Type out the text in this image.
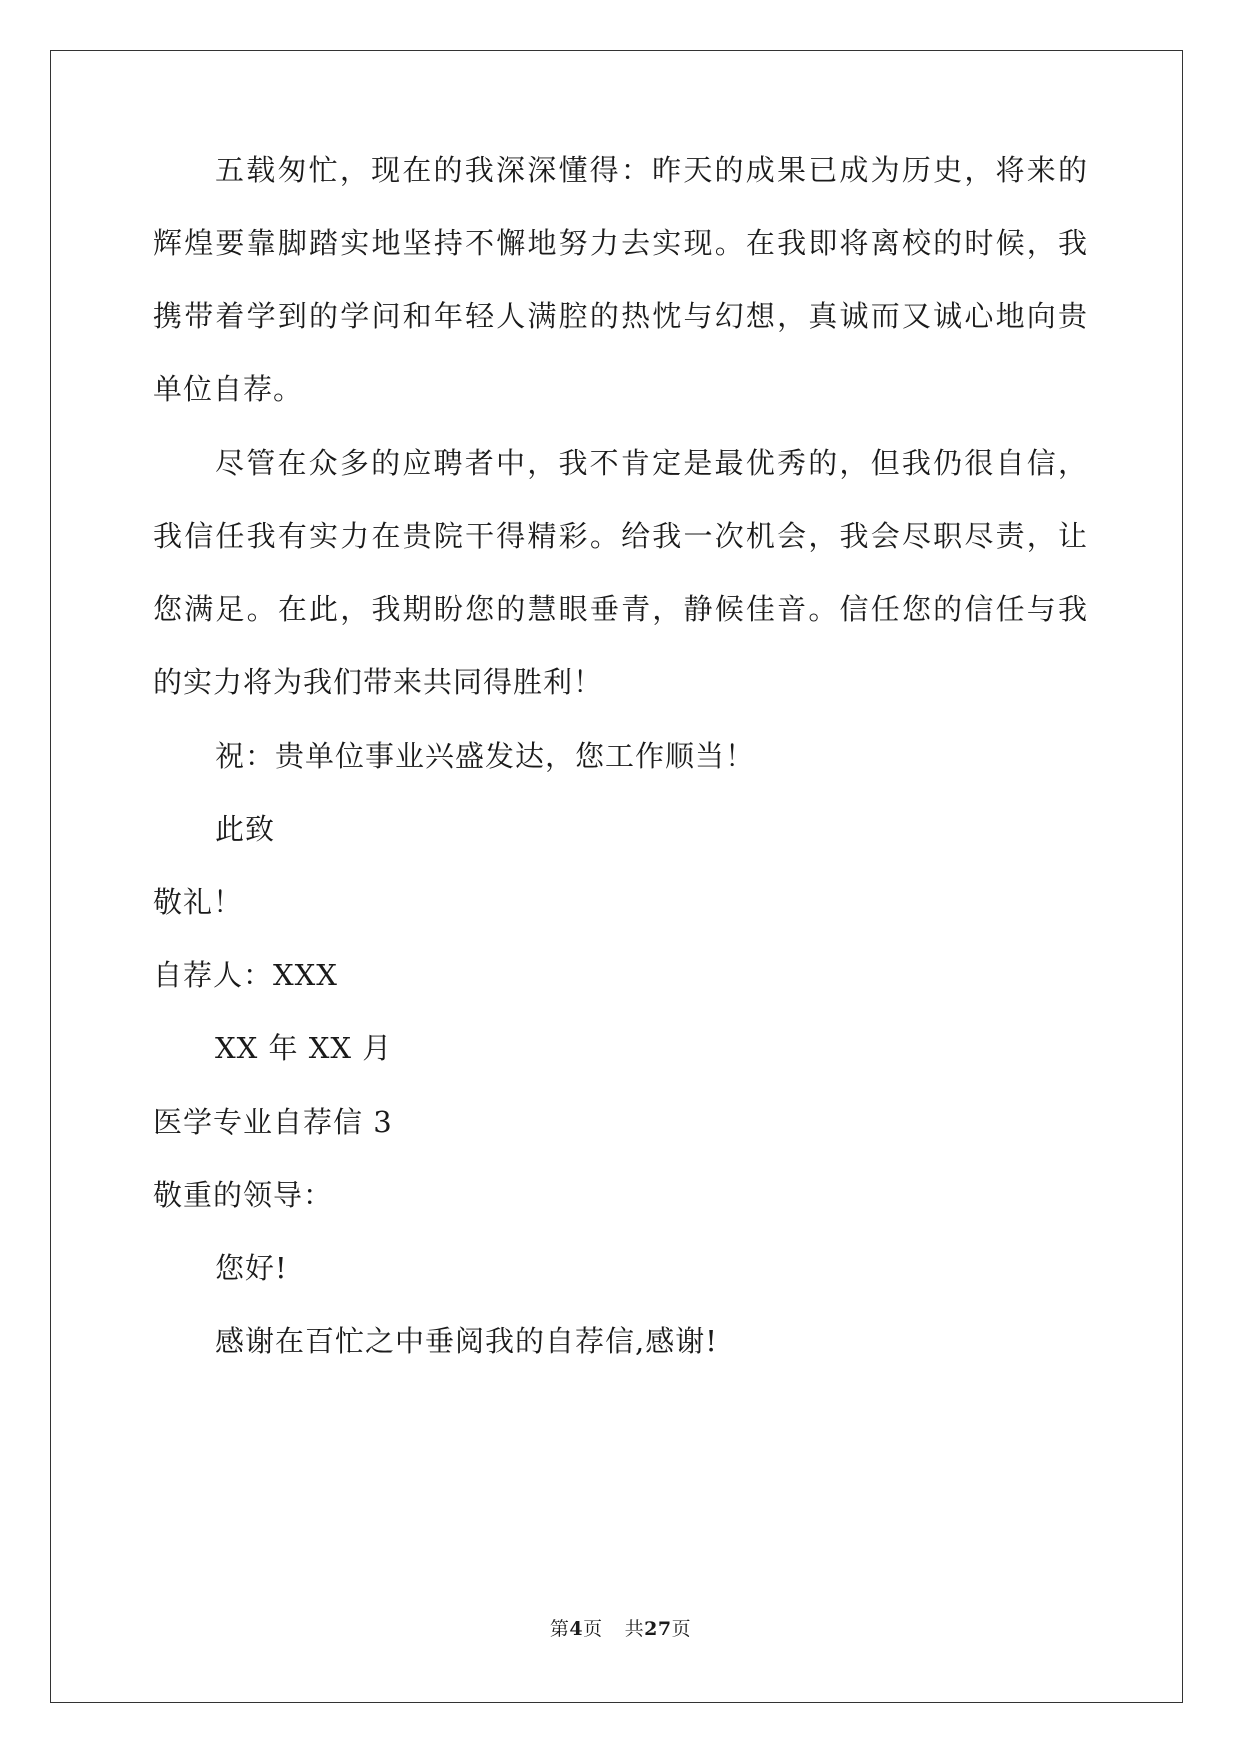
五载匆忙，现在的我深深懂得：昨天的成果已成为历史，将来的
辉煌要靠脚踏实地坚持不懈地努力去实现。在我即将离校的时候，我
携带着学到的学问和年轻人满腔的热忱与幻想，真诚而又诚心地向贵
单位自荐。
尽管在众多的应聘者中，我不肯定是最优秀的，但我仍很自信，
我信任我有实力在贵院干得精彩。给我一次机会，我会尽职尽责，让
您满足。在此，我期盼您的慧眼垂青，静候佳音。信任您的信任与我
的实力将为我们带来共同得胜利！
祝：贵单位事业兴盛发达，您工作顺当！
此致
敬礼！
自荐人：XXX
XX 年 XX 月
医学专业自荐信 3
敬重的领导：
您好!
感谢在百忙之中垂阅我的自荐信,感谢!
第4页 共27页
